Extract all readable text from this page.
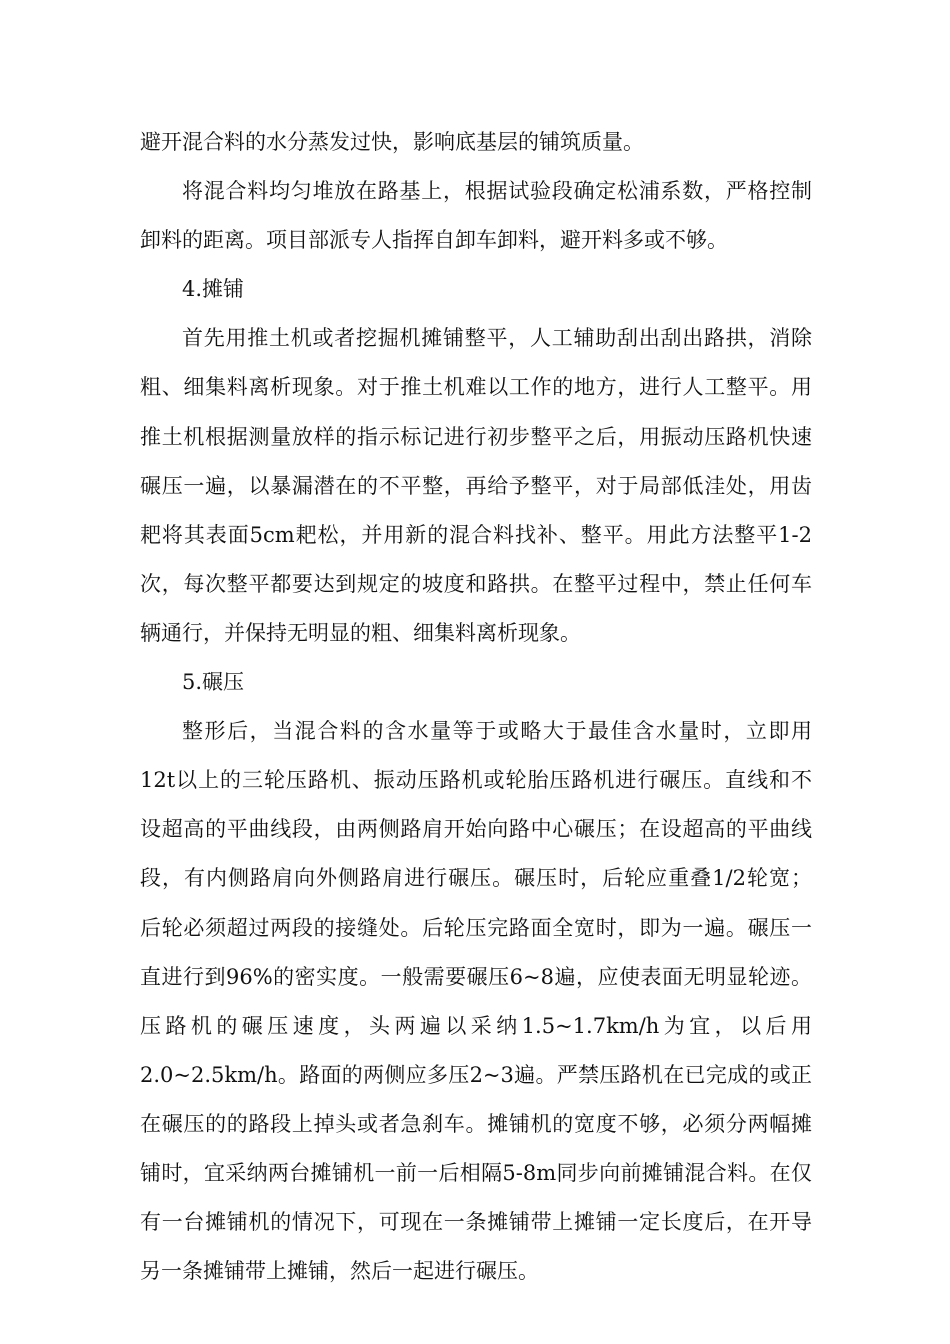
避开混合料的水分蒸发过快，影响底基层的铺筑质量。
将混合料均匀堆放在路基上，根据试验段确定松浦系数，严格控制
卸料的距离。项目部派专人指挥自卸车卸料，避开料多或不够。
4.摊铺
首先用推土机或者挖掘机摊铺整平，人工辅助刮出刮出路拱，消除
粗、细集料离析现象。对于推土机难以工作的地方，进行人工整平。用
推土机根据测量放样的指示标记进行初步整平之后，用振动压路机快速
碾压一遍，以暴漏潜在的不平整，再给予整平，对于局部低洼处，用齿
耙将其表面5cm耙松，并用新的混合料找补、整平。用此方法整平1-2
次，每次整平都要达到规定的坡度和路拱。在整平过程中，禁止任何车
辆通行，并保持无明显的粗、细集料离析现象。
5.碾压
整形后，当混合料的含水量等于或略大于最佳含水量时，立即用
12t以上的三轮压路机、振动压路机或轮胎压路机进行碾压。直线和不
设超高的平曲线段，由两侧路肩开始向路中心碾压；在设超高的平曲线
段，有内侧路肩向外侧路肩进行碾压。碾压时，后轮应重叠1/2轮宽；
后轮必须超过两段的接缝处。后轮压完路面全宽时，即为一遍。碾压一
直进行到96%的密实度。一般需要碾压6~8遍，应使表面无明显轮迹。
压路机的碾压速度，头两遍以采纳1.5~1.7km/h为宜，以后用
2.0~2.5km/h。路面的两侧应多压2~3遍。严禁压路机在已完成的或正
在碾压的的路段上掉头或者急刹车。摊铺机的宽度不够，必须分两幅摊
铺时，宜采纳两台摊铺机一前一后相隔5-8m同步向前摊铺混合料。在仅
有一台摊铺机的情况下，可现在一条摊铺带上摊铺一定长度后，在开导
另一条摊铺带上摊铺，然后一起进行碾压。
